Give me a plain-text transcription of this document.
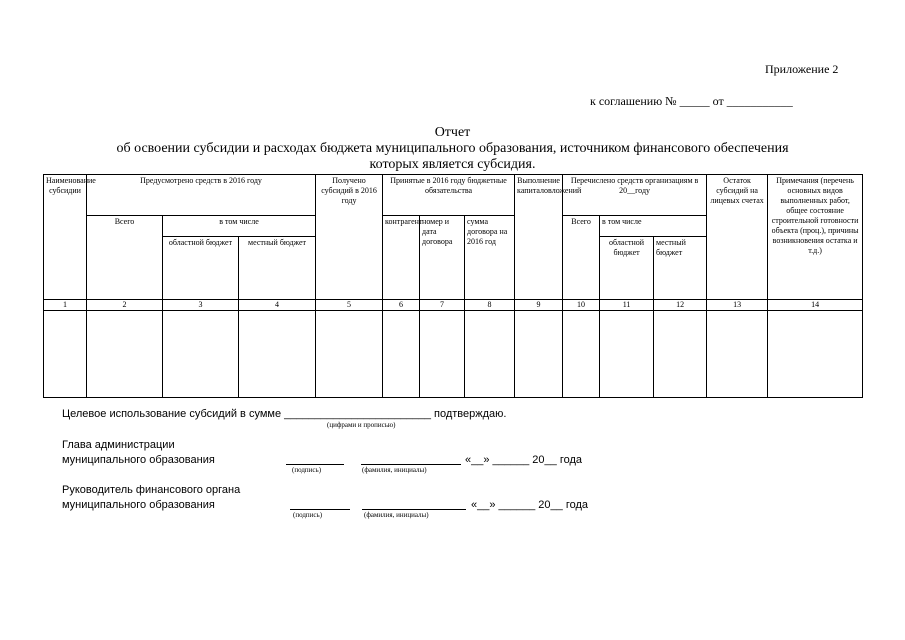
Приложение 2
к соглашению № _____ от ___________
Отчет
об освоении субсидии и расходах бюджета муниципального образования, источником финансового обеспечения
которых является субсидия.
Наименование субсидии	Предусмотрено средств в 2016 году			Получено субсидий в 2016 году	Принятые в 2016 году бюджетные обязательства			Выполнение капиталовложений	Перечислено средств организациям в 20__году			Остаток субсидий на лицевых счетах	Примечания (перечень основных видов выполненных работ, общее состояние строительной готовности объекта (проц.), причины возникновения остатка и т.д.)
	Всего	в том числе			контрагент	номер и дата договора	сумма договора на 2016 год		Всего	в том числе			
		областной бюджет	местный бюджет							областной бюджет	местный бюджет		
1	2	3	4	5	6	7	8	9	10	11	12	13	14

Целевое использование субсидий в сумме ________________________ подтверждаю.
(цифрами и прописью)
Глава администрации
муниципального образования	«__» ______ 20__ года
(подпись)	(фамилия, инициалы)
Руководитель финансового органа
муниципального образования	«__» ______ 20__ года
(подпись)	(фамилия, инициалы)
